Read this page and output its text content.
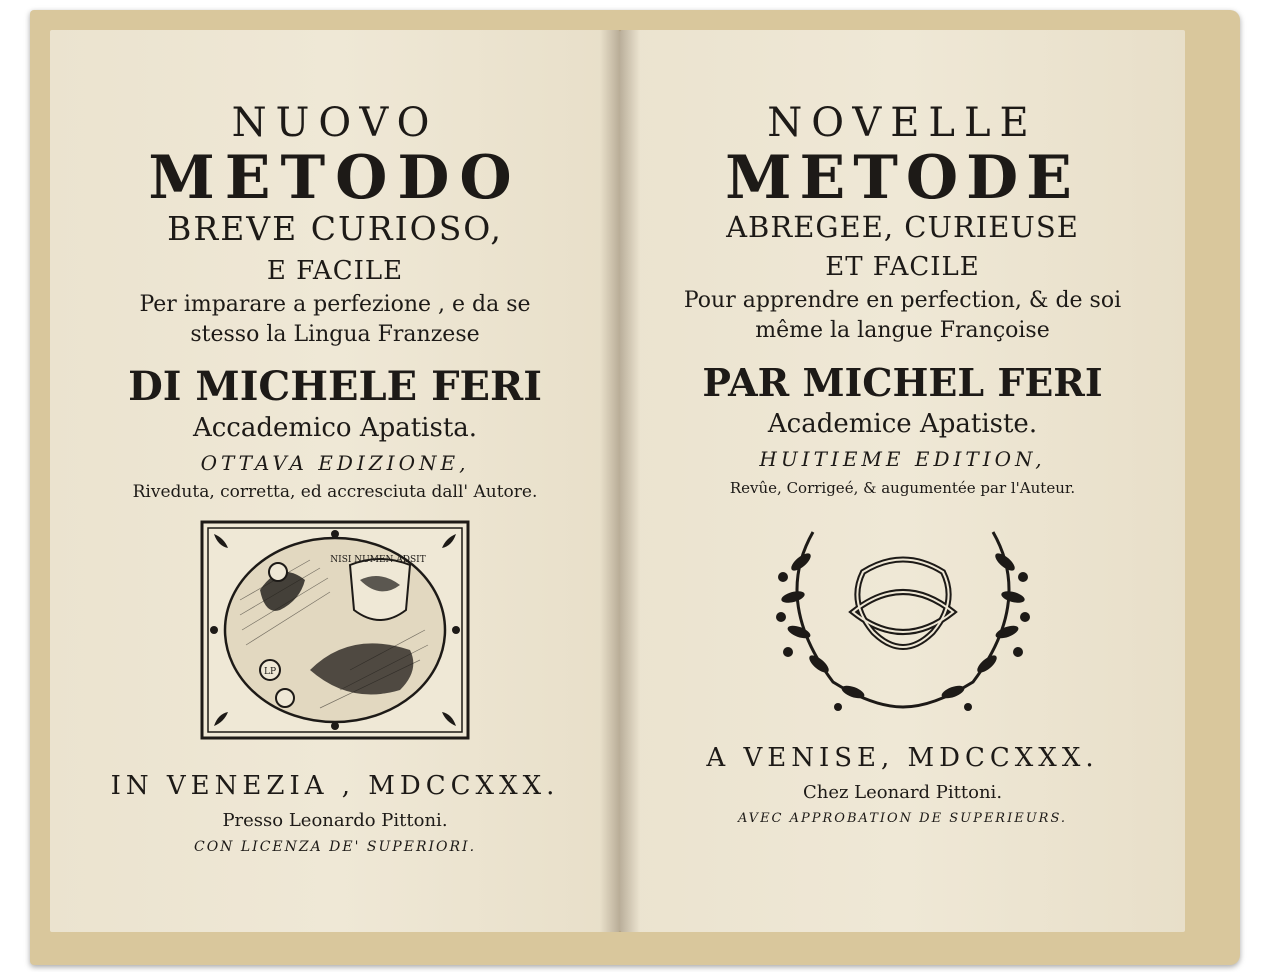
NUOVO
METODO
BREVE CURIOSO,
E FACILE
Per imparare a perfezione , e da se
stesso la Lingua Franzese
DI MICHELE FERI
Accademico Apatista.
OTTAVA EDIZIONE,
Riveduta, corretta, ed accresciuta dall' Autore.
NISI NUMEN ADSIT
LP
IN VENEZIA , MDCCXXX.
Presso Leonardo Pittoni.
CON LICENZA DE' SUPERIORI.
NOVELLE
METODE
ABREGEE, CURIEUSE
ET FACILE
Pour apprendre en perfection, & de soi
même la langue Françoise
PAR MICHEL FERI
Academice Apatiste.
HUITIEME EDITION,
Revûe, Corrigeé, & augumentée par l'Auteur.
A VENISE, MDCCXXX.
Chez Leonard Pittoni.
AVEC APPROBATION DE SUPERIEURS.
